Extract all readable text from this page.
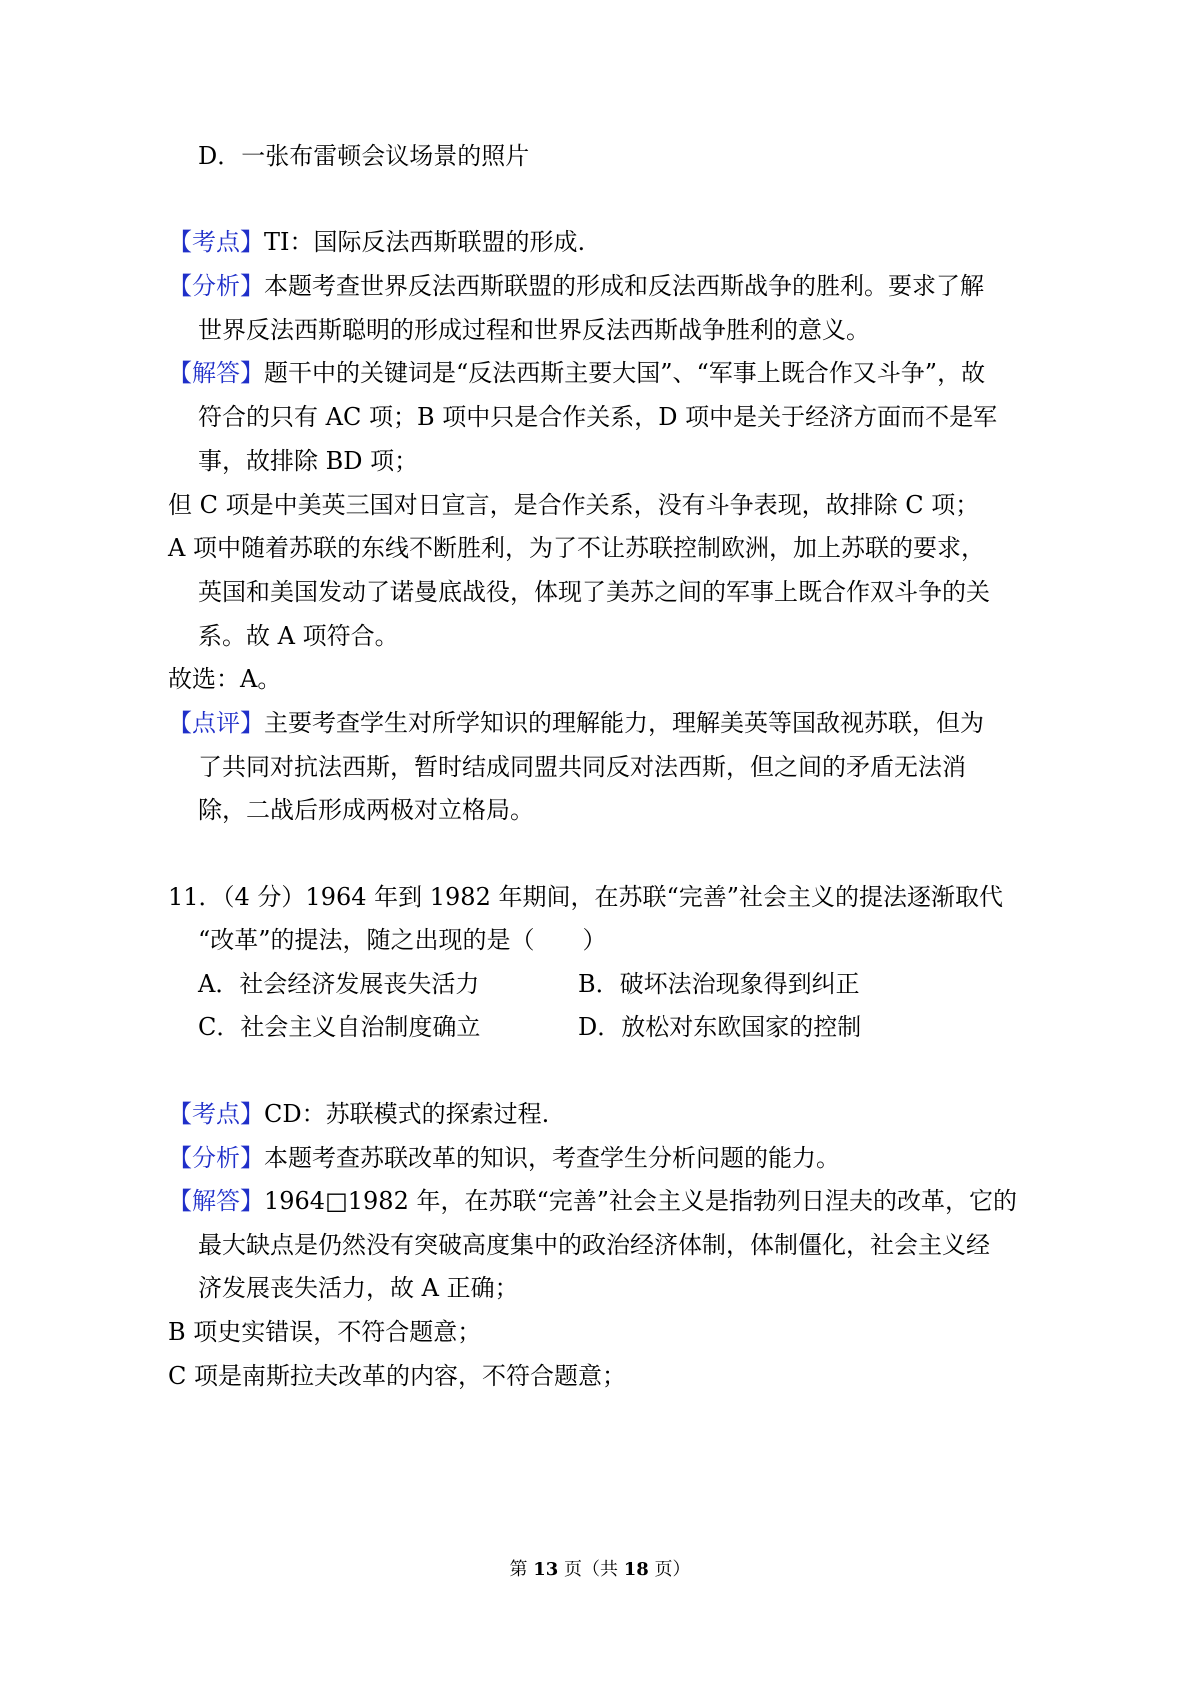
D．一张布雷顿会议场景的照片
【考点】TI：国际反法西斯联盟的形成.
【分析】本题考查世界反法西斯联盟的形成和反法西斯战争的胜利。要求了解
世界反法西斯聪明的形成过程和世界反法西斯战争胜利的意义。
【解答】题干中的关键词是“反法西斯主要大国”、“军事上既合作又斗争”，故
符合的只有 AC 项；B 项中只是合作关系，D 项中是关于经济方面而不是军
事，故排除 BD 项；
但 C 项是中美英三国对日宣言，是合作关系，没有斗争表现，故排除 C 项；
A 项中随着苏联的东线不断胜利，为了不让苏联控制欧洲，加上苏联的要求，
英国和美国发动了诺曼底战役，体现了美苏之间的军事上既合作双斗争的关
系。故 A 项符合。
故选：A。
【点评】主要考查学生对所学知识的理解能力，理解美英等国敌视苏联，但为
了共同对抗法西斯，暂时结成同盟共同反对法西斯，但之间的矛盾无法消
除，二战后形成两极对立格局。
11．（4 分）1964 年到 1982 年期间，在苏联“完善”社会主义的提法逐渐取代
“改革”的提法，随之出现的是（　　）
A．社会经济发展丧失活力	B．破坏法治现象得到纠正
C．社会主义自治制度确立	D．放松对东欧国家的控制
【考点】CD：苏联模式的探索过程.
【分析】本题考查苏联改革的知识，考查学生分析问题的能力。
【解答】1964□1982 年，在苏联“完善”社会主义是指勃列日涅夫的改革，它的
最大缺点是仍然没有突破高度集中的政治经济体制，体制僵化，社会主义经
济发展丧失活力，故 A 正确；
B 项史实错误，不符合题意；
C 项是南斯拉夫改革的内容，不符合题意；
第 13 页（共 18 页）
